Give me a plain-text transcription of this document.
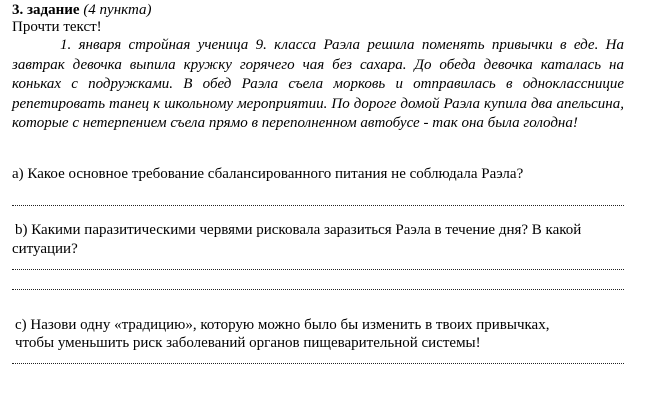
3. задание (4 пункта)
Прочти текст!

1. января стройная ученица 9. класса Раэла решила поменять привычки в еде. На завтрак девочка выпила кружку горячего чая без сахара. До обеда девочка каталась на коньках с подружками. В обед Раэла съела морковь и отправилась в одноклассницие репетировать танец к школьному мероприятии. По дороге домой Раэла купила два апельсина, которые с нетерпением съела прямо в переполненном автобусе - так она была голодна!

a) Какое основное требование сбалансированного питания не соблюдала Раэла?
b) Какими паразитическими червями рисковала заразиться Раэла в течение дня? В какой
ситуации?
c) Назови одну «традицию», которую можно было бы изменить в твоих привычках,
чтобы уменьшить риск заболеваний органов пищеварительной системы!
